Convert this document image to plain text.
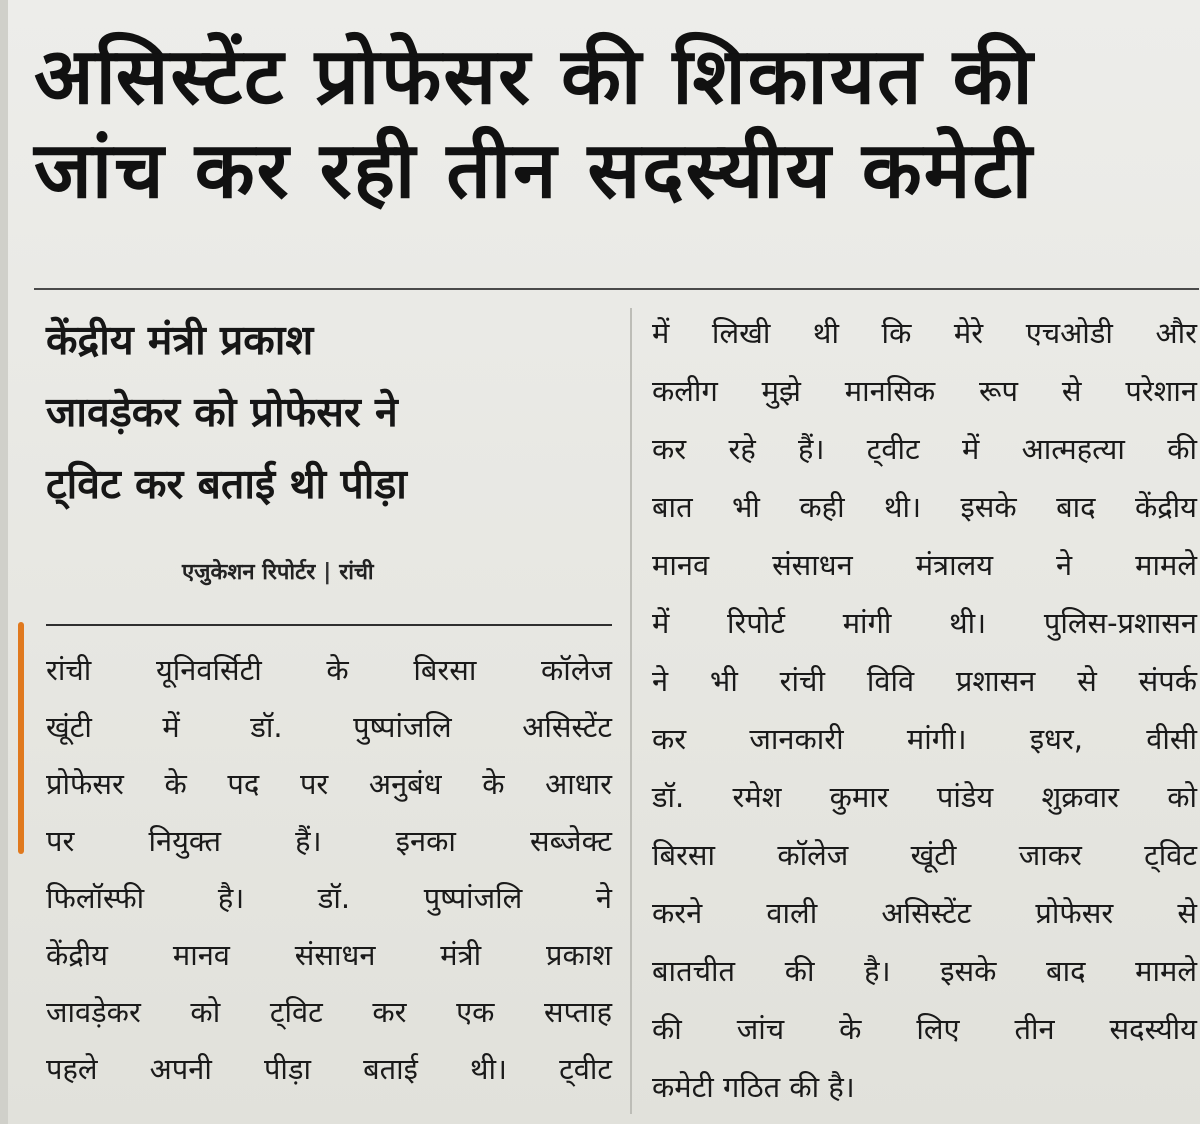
असिस्टेंट प्रोफेसर की शिकायत की
जांच कर रही तीन सदस्यीय कमेटी
केंद्रीय मंत्री प्रकाश
जावड़ेकर को प्रोफेसर ने
ट्विट कर बताई थी पीड़ा
एजुकेशन रिपोर्टर | रांची
रांची यूनिवर्सिटी के बिरसा कॉलेज
खूंटी में डॉ. पुष्पांजलि असिस्टेंट
प्रोफेसर के पद पर अनुबंध के आधार
पर नियुक्त हैं। इनका सब्जेक्ट
फिलॉस्फी है। डॉ. पुष्पांजलि ने
केंद्रीय मानव संसाधन मंत्री प्रकाश
जावड़ेकर को ट्विट कर एक सप्ताह
पहले अपनी पीड़ा बताई थी। ट्वीट
में लिखी थी कि मेरे एचओडी और
कलीग मुझे मानसिक रूप से परेशान
कर रहे हैं। ट्वीट में आत्महत्या की
बात भी कही थी। इसके बाद केंद्रीय
मानव संसाधन मंत्रालय ने मामले
में रिपोर्ट मांगी थी। पुलिस-प्रशासन
ने भी रांची विवि प्रशासन से संपर्क
कर जानकारी मांगी। इधर, वीसी
डॉ. रमेश कुमार पांडेय शुक्रवार को
बिरसा कॉलेज खूंटी जाकर ट्विट
करने वाली असिस्टेंट प्रोफेसर से
बातचीत की है। इसके बाद मामले
की जांच के लिए तीन सदस्यीय
कमेटी गठित की है।
